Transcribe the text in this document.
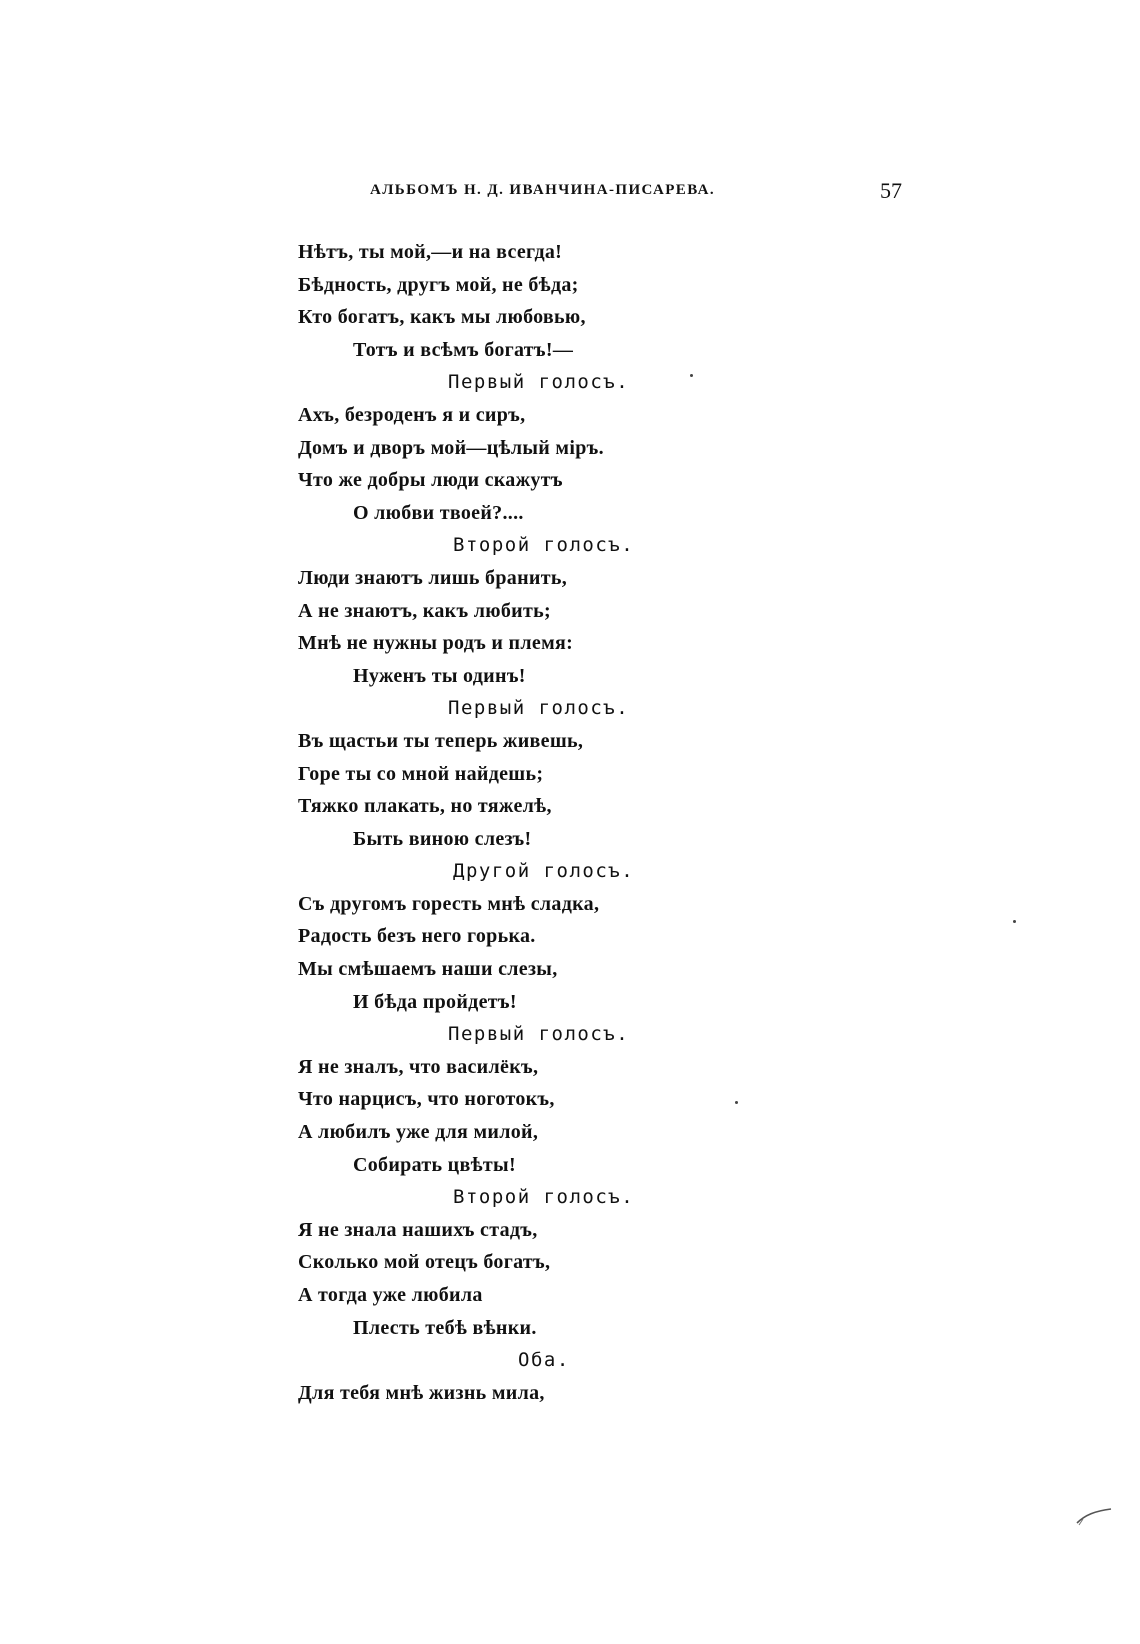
АЛЬБОМЪ Н. Д. ИВАНЧИНА-ПИСАРЕВА.	57
Нѣтъ, ты мой,—и на всегда!
Бѣдность, другъ мой, не бѣда;
Кто богатъ, какъ мы любовью,
Тотъ и всѣмъ богатъ!—
Первый голосъ.
Ахъ, безроденъ я и сиръ,
Домъ и дворъ мой—цѣлый міръ.
Что же добры люди скажутъ
О любви твоей?....
Второй голосъ.
Люди знаютъ лишь бранить,
А не знаютъ, какъ любить;
Мнѣ не нужны родъ и племя:
Нуженъ ты одинъ!
Первый голосъ.
Въ щастьи ты теперь живешь,
Горе ты со мной найдешь;
Тяжко плакать, но тяжелѣ,
Быть виною слезъ!
Другой голосъ.
Съ другомъ горесть мнѣ сладка,
Радость безъ него горька.
Мы смѣшаемъ наши слезы,
И бѣда пройдетъ!
Первый голосъ.
Я не зналъ, что василёкъ,
Что нарцисъ, что ноготокъ,
А любилъ уже для милой,
Собирать цвѣты!
Второй голосъ.
Я не знала нашихъ стадъ,
Сколько мой отецъ богатъ,
А тогда уже любила
Плесть тебѣ вѣнки.
Оба.
Для тебя мнѣ жизнь мила,
